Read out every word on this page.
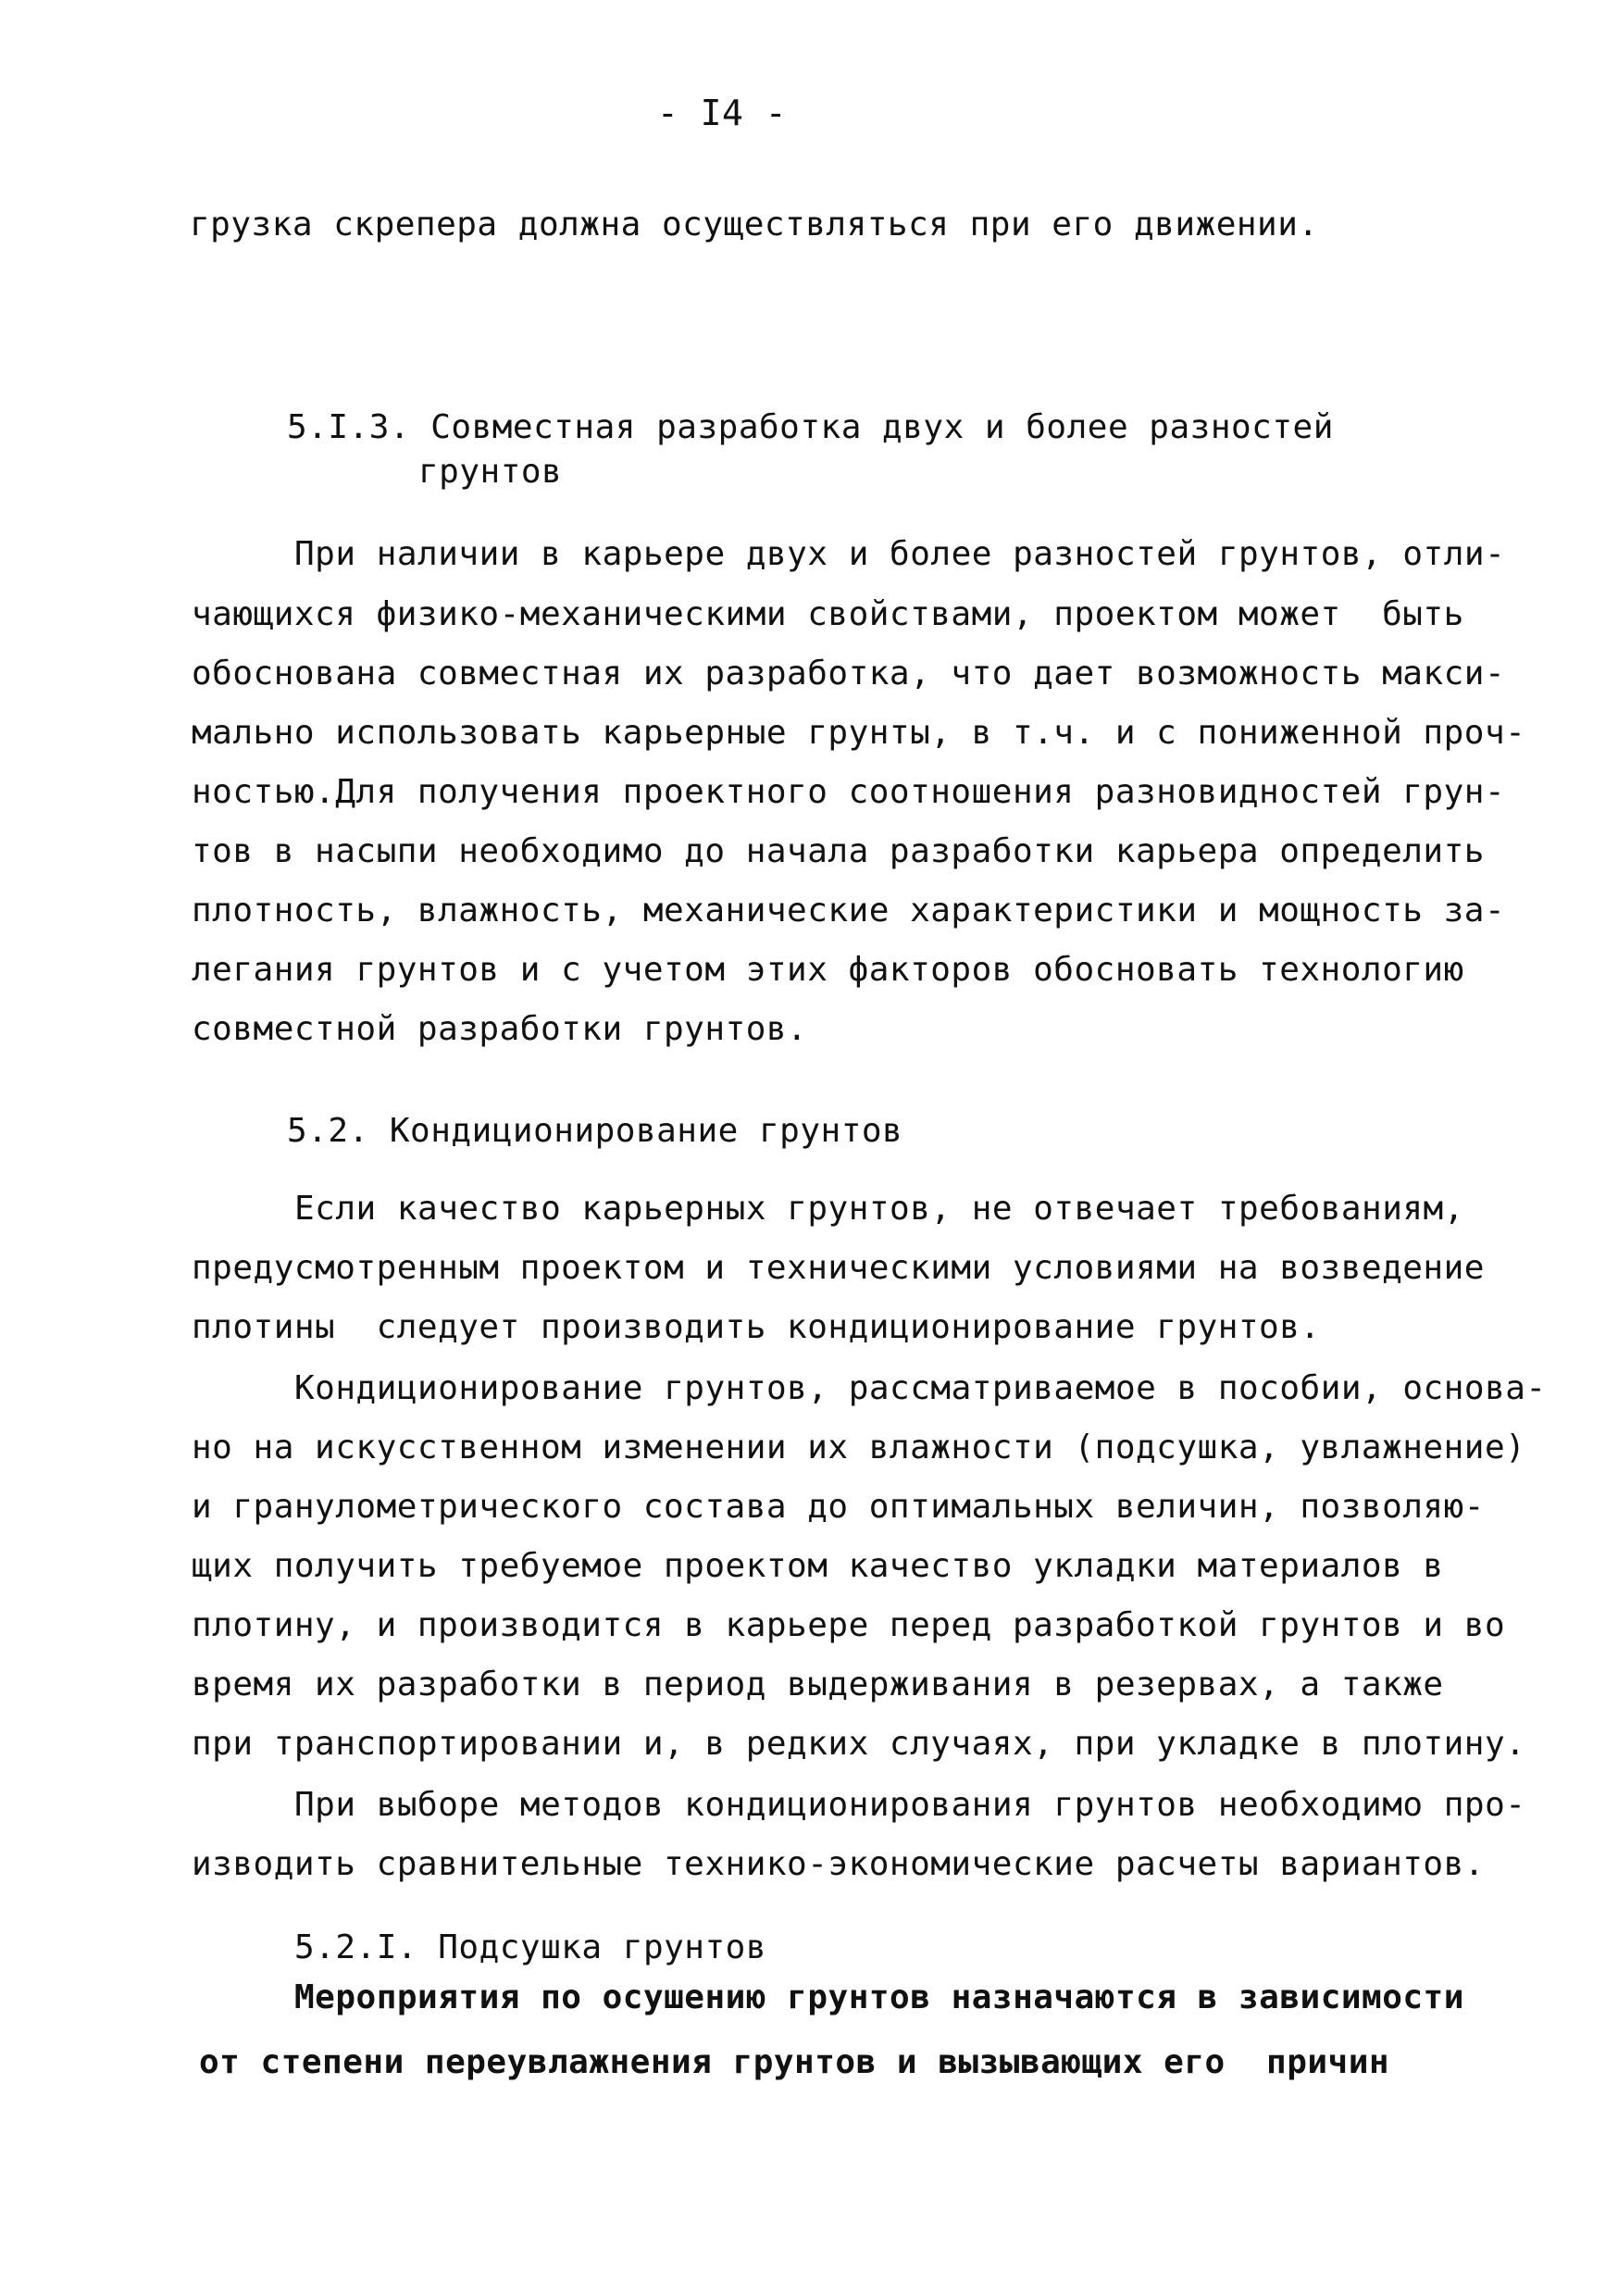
- I4 -
грузка скрепера должна осуществляться при его движении.
5.I.3. Совместная разработка двух и более разностей
грунтов
При наличии в карьере двух и более разностей грунтов, отли-
чающихся физико-механическими свойствами, проектом может  быть
обоснована совместная их разработка, что дает возможность макси-
мально использовать карьерные грунты, в т.ч. и с пониженной проч-
ностью.Для получения проектного соотношения разновидностей грун-
тов в насыпи необходимо до начала разработки карьера определить
плотность, влажность, механические характеристики и мощность за-
легания грунтов и с учетом этих факторов обосновать технологию
совместной разработки грунтов.
5.2. Кондиционирование грунтов
Если качество карьерных грунтов, не отвечает требованиям,
предусмотренным проектом и техническими условиями на возведение
плотины  следует производить кондиционирование грунтов.
Кондиционирование грунтов, рассматриваемое в пособии, основа-
но на искусственном изменении их влажности (подсушка, увлажнение)
и гранулометрического состава до оптимальных величин, позволяю-
щих получить требуемое проектом качество укладки материалов в
плотину, и производится в карьере перед разработкой грунтов и во
время их разработки в период выдерживания в резервах, а также
при транспортировании и, в редких случаях, при укладке в плотину.
При выборе методов кондиционирования грунтов необходимо про-
изводить сравнительные технико-экономические расчеты вариантов.
5.2.I. Подсушка грунтов
Мероприятия по осушению грунтов назначаются в зависимости
от степени переувлажнения грунтов и вызывающих его  причин
